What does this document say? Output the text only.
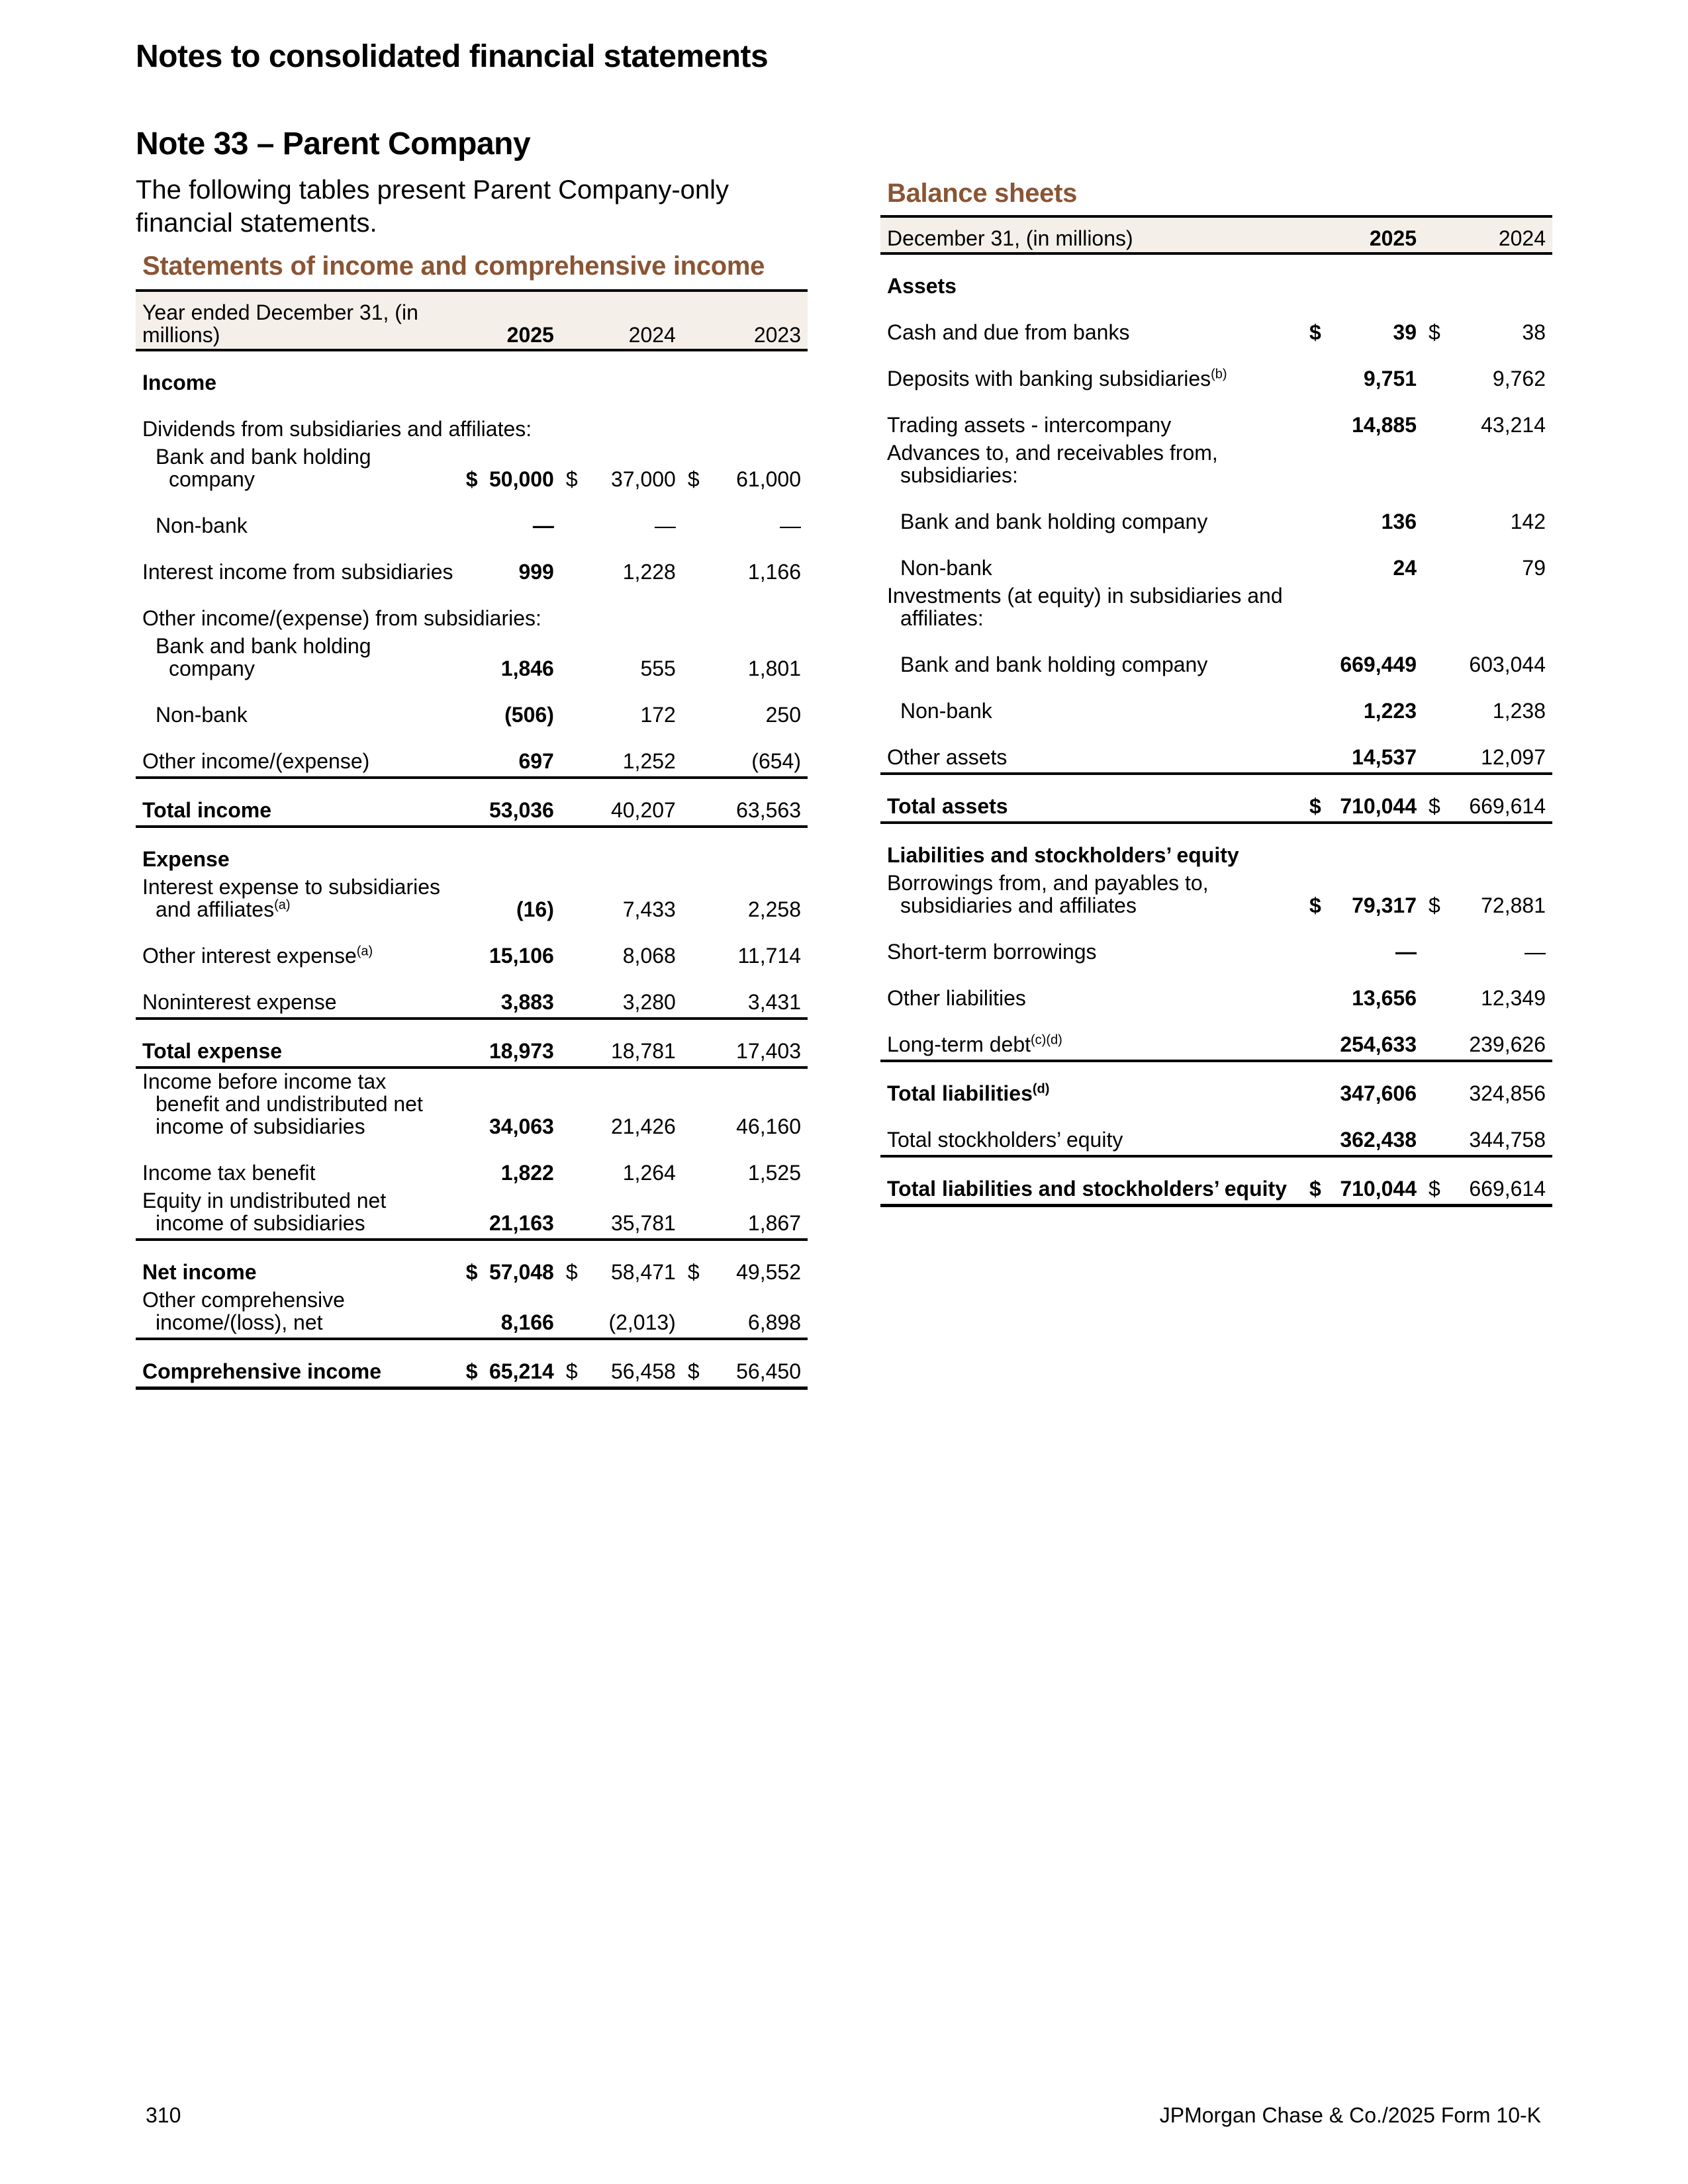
Notes to consolidated financial statements
Note 33 – Parent Company
The following tables present Parent Company-only financial statements.
Statements of income and comprehensive income
Year ended December 31, (in millions)		2025		2024		2023
Income						

Dividends from subsidiaries and affiliates:						

Bank and bank holding company	$	50,000	$	37,000	$	61,000
Non-bank		—		—		—

Interest income from subsidiaries		999		1,228		1,166

Other income/(expense) from subsidiaries:						

Bank and bank holding company		1,846		555		1,801
Non-bank		(506)		172		250
Other income/(expense)		697		1,252		(654)
Total income		53,036		40,207		63,563
Expense						

Interest expense to subsidiaries and affiliates$^{(a)}$		(16)		7,433		2,258
Other interest expense$^{(a)}$		15,106		8,068		11,714
Noninterest expense		3,883		3,280		3,431
Total expense		18,973		18,781		17,403

Income before income tax benefit and undistributed net income of subsidiaries		34,063		21,426		46,160
Income tax benefit		1,822		1,264		1,525

Equity in undistributed net income of subsidiaries		21,163		35,781		1,867
Net income	$	57,048	$	58,471	$	49,552

Other comprehensive income/(loss), net		8,166		(2,013)		6,898
Comprehensive income	$	65,214	$	56,458	$	56,450
Balance sheets
December 31, (in millions)		2025		2024
Assets				
Cash and due from banks	$	39	$	38
Deposits with banking subsidiaries$^{(b)}$		9,751		9,762
Trading assets - intercompany		14,885		43,214

Advances to, and receivables from, subsidiaries:				

Bank and bank holding company		136		142
Non-bank		24		79

Investments (at equity) in subsidiaries and affiliates:				

Bank and bank holding company		669,449		603,044
Non-bank		1,223		1,238
Other assets		14,537		12,097
Total assets	$	710,044	$	669,614
Liabilities and stockholders’ equity				

Borrowings from, and payables to, subsidiaries and affiliates	$	79,317	$	72,881
Short-term borrowings		—		—
Other liabilities		13,656		12,349
Long-term debt$^{(c)(d)}$		254,633		239,626
Total liabilities$^{(d)}$		347,606		324,856
Total stockholders’ equity		362,438		344,758
Total liabilities and stockholders’ equity	$	710,044	$	669,614
310	JPMorgan Chase & Co./2025 Form 10-K
